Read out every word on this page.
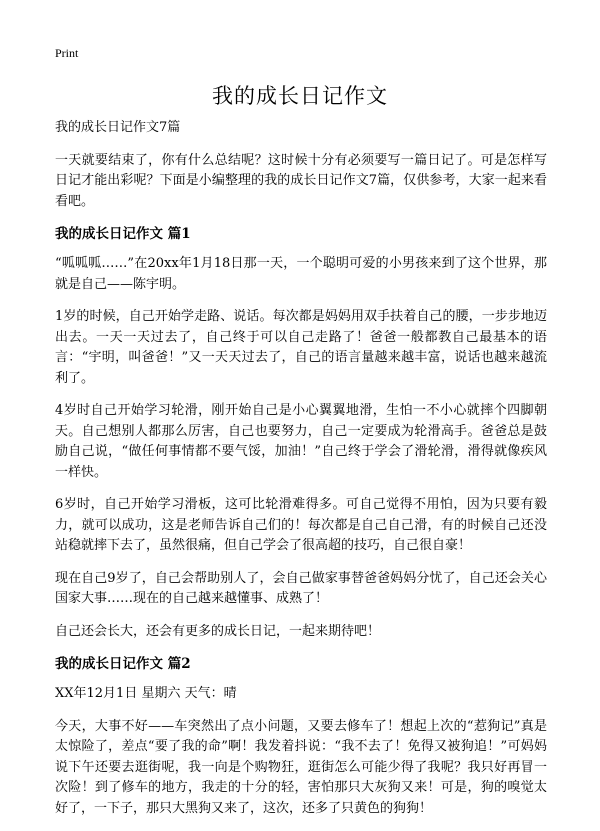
Print
我的成长日记作文

我的成长日记作文7篇

一天就要结束了，你有什么总结呢？这时候十分有必须要写一篇日记了。可是怎样写日记才能出彩呢？下面是小编整理的我的成长日记作文7篇，仅供参考，大家一起来看看吧。

我的成长日记作文 篇1

“呱呱呱……”在20xx年1月18日那一天，一个聪明可爱的小男孩来到了这个世界，那就是自己——陈宇明。

1岁的时候，自己开始学走路、说话。每次都是妈妈用双手扶着自己的腰，一步步地迈出去。一天一天过去了，自己终于可以自己走路了！爸爸一般都教自己最基本的语言：“宇明，叫爸爸！”又一天天过去了，自己的语言量越来越丰富，说话也越来越流利了。

4岁时自己开始学习轮滑，刚开始自己是小心翼翼地滑，生怕一不小心就摔个四脚朝天。自己想别人都那么厉害，自己也要努力，自己一定要成为轮滑高手。爸爸总是鼓励自己说，“做任何事情都不要气馁，加油！”自己终于学会了滑轮滑，滑得就像疾风一样快。

6岁时，自己开始学习滑板，这可比轮滑难得多。可自己觉得不用怕，因为只要有毅力，就可以成功，这是老师告诉自己们的！每次都是自己自己滑，有的时候自己还没站稳就摔下去了，虽然很痛，但自己学会了很高超的技巧，自己很自豪！

现在自己9岁了，自己会帮助别人了，会自己做家事替爸爸妈妈分忧了，自己还会关心国家大事……现在的自己越来越懂事、成熟了！

自己还会长大，还会有更多的成长日记，一起来期待吧！

我的成长日记作文 篇2

XX年12月1日 星期六 天气：晴

今天，大事不好——车突然出了点小问题，又要去修车了！想起上次的“惹狗记”真是太惊险了，差点“要了我的命”啊！我发着抖说：“我不去了！免得又被狗追！”可妈妈说下午还要去逛街呢，我一向是个购物狂，逛街怎么可能少得了我呢？我只好再冒一次险！到了修车的地方，我走的十分的轻，害怕那只大灰狗又来！可是，狗的嗅觉太好了，一下子，那只大黑狗又来了，这次，还多了只黄色的狗狗！
